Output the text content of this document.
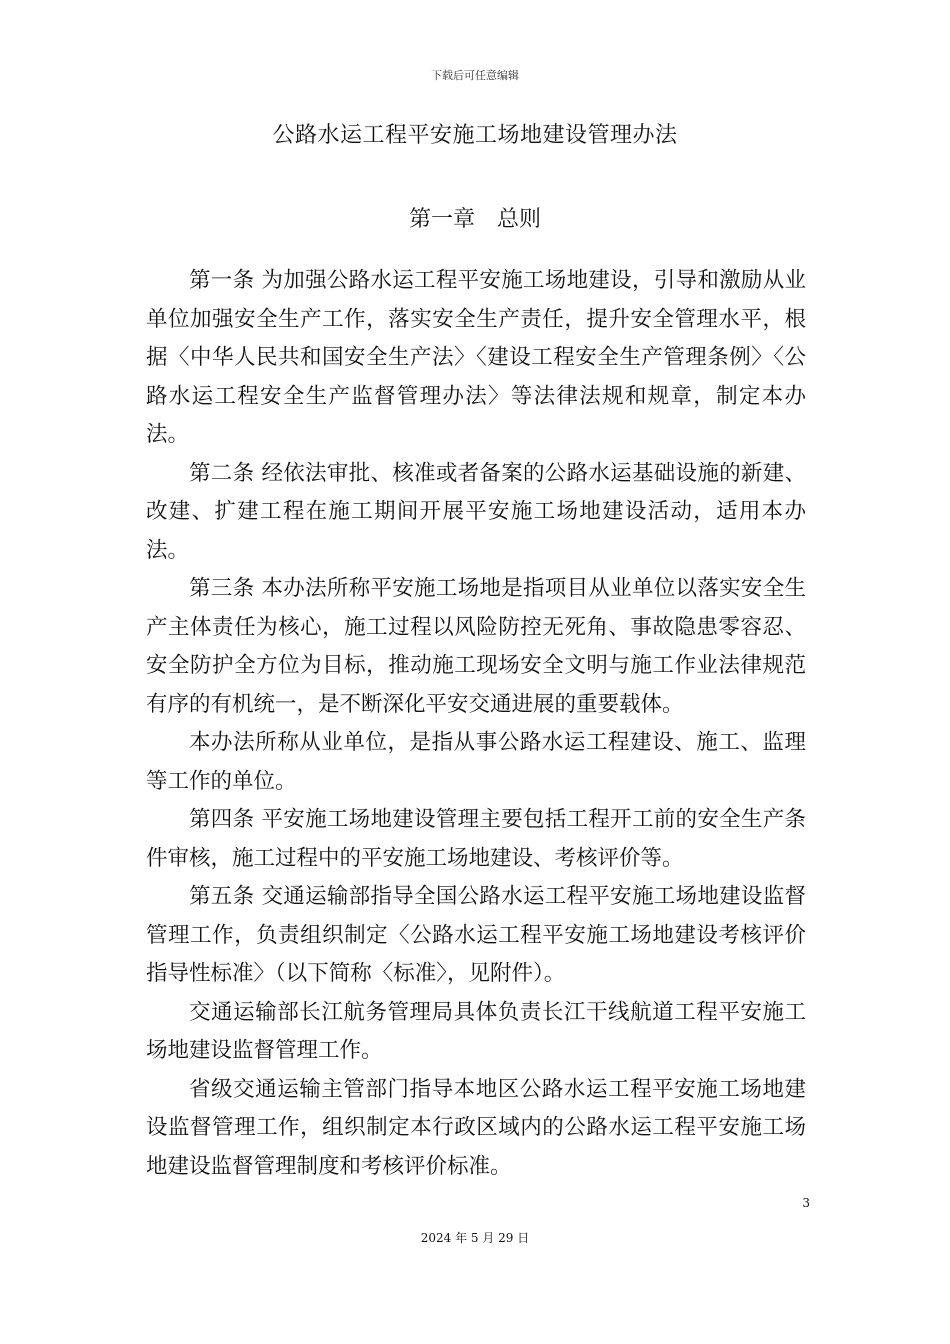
下载后可任意编辑
公路水运工程平安施工场地建设管理办法
第一章　总则

第一条 为加强公路水运工程平安施工场地建设，引导和激励从业单位加强安全生产工作，落实安全生产责任，提升安全管理水平，根据〈中华人民共和国安全生产法〉〈建设工程安全生产管理条例〉〈公路水运工程安全生产监督管理办法〉等法律法规和规章，制定本办法。

第二条 经依法审批、核准或者备案的公路水运基础设施的新建、改建、扩建工程在施工期间开展平安施工场地建设活动，适用本办法。

第三条 本办法所称平安施工场地是指项目从业单位以落实安全生产主体责任为核心，施工过程以风险防控无死角、事故隐患零容忍、安全防护全方位为目标，推动施工现场安全文明与施工作业法律规范有序的有机统一，是不断深化平安交通进展的重要载体。

本办法所称从业单位，是指从事公路水运工程建设、施工、监理等工作的单位。

第四条 平安施工场地建设管理主要包括工程开工前的安全生产条件审核，施工过程中的平安施工场地建设、考核评价等。

第五条 交通运输部指导全国公路水运工程平安施工场地建设监督管理工作，负责组织制定〈公路水运工程平安施工场地建设考核评价指导性标准〉（以下简称〈标准〉，见附件）。

交通运输部长江航务管理局具体负责长江干线航道工程平安施工场地建设监督管理工作。

省级交通运输主管部门指导本地区公路水运工程平安施工场地建设监督管理工作，组织制定本行政区域内的公路水运工程平安施工场地建设监督管理制度和考核评价标准。

3
2024 年 5 月 29 日
